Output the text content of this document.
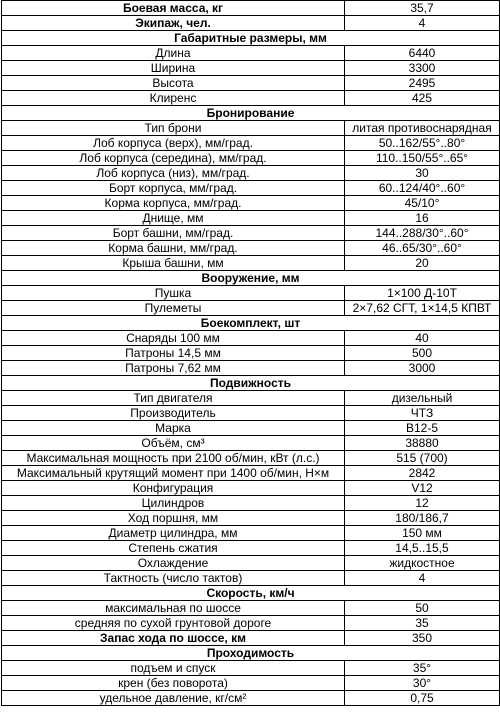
Боевая масса, кг	35,7
Экипаж, чел.	4
Габаритные размеры, мм	
Длина	6440
Ширина	3300
Высота	2495
Клиренс	425
Бронирование	
Тип брони	литая противоснарядная
Лоб корпуса (верх), мм/град.	50..162/55°..80°
Лоб корпуса (середина), мм/град.	110..150/55°..65°
Лоб корпуса (низ), мм/град.	30
Борт корпуса, мм/град.	60..124/40°..60°
Корма корпуса, мм/град.	45/10°
Днище, мм	16
Борт башни, мм/град.	144..288/30°..60°
Корма башни, мм/град.	46..65/30°..60°
Крыша башни, мм	20
Вооружение, мм	
Пушка	1×100 Д-10Т
Пулеметы	2×7,62 СГТ, 1×14,5 КПВТ
Боекомплект, шт	
Снаряды 100 мм	40
Патроны 14,5 мм	500
Патроны 7,62 мм	3000
Подвижность	
Тип двигателя	дизельный
Производитель	ЧТЗ
Марка	В12-5
Объём, см³	38880
Максимальная мощность при 2100 об/мин, кВт (л.с.)	515 (700)
Максимальный крутящий момент при 1400 об/мин, Н×м	2842
Конфигурация	V12
Цилиндров	12
Ход поршня, мм	180/186,7
Диаметр цилиндра, мм	150 мм
Степень сжатия	14,5..15,5
Охлаждение	жидкостное
Тактность (число тактов)	4
Скорость, км/ч	
максимальная по шоссе	50
средняя по сухой грунтовой дороге	35
Запас хода по шоссе, км	350
Проходимость	
подъем и спуск	35°
крен (без поворота)	30°
удельное давление, кг/см²	0,75
